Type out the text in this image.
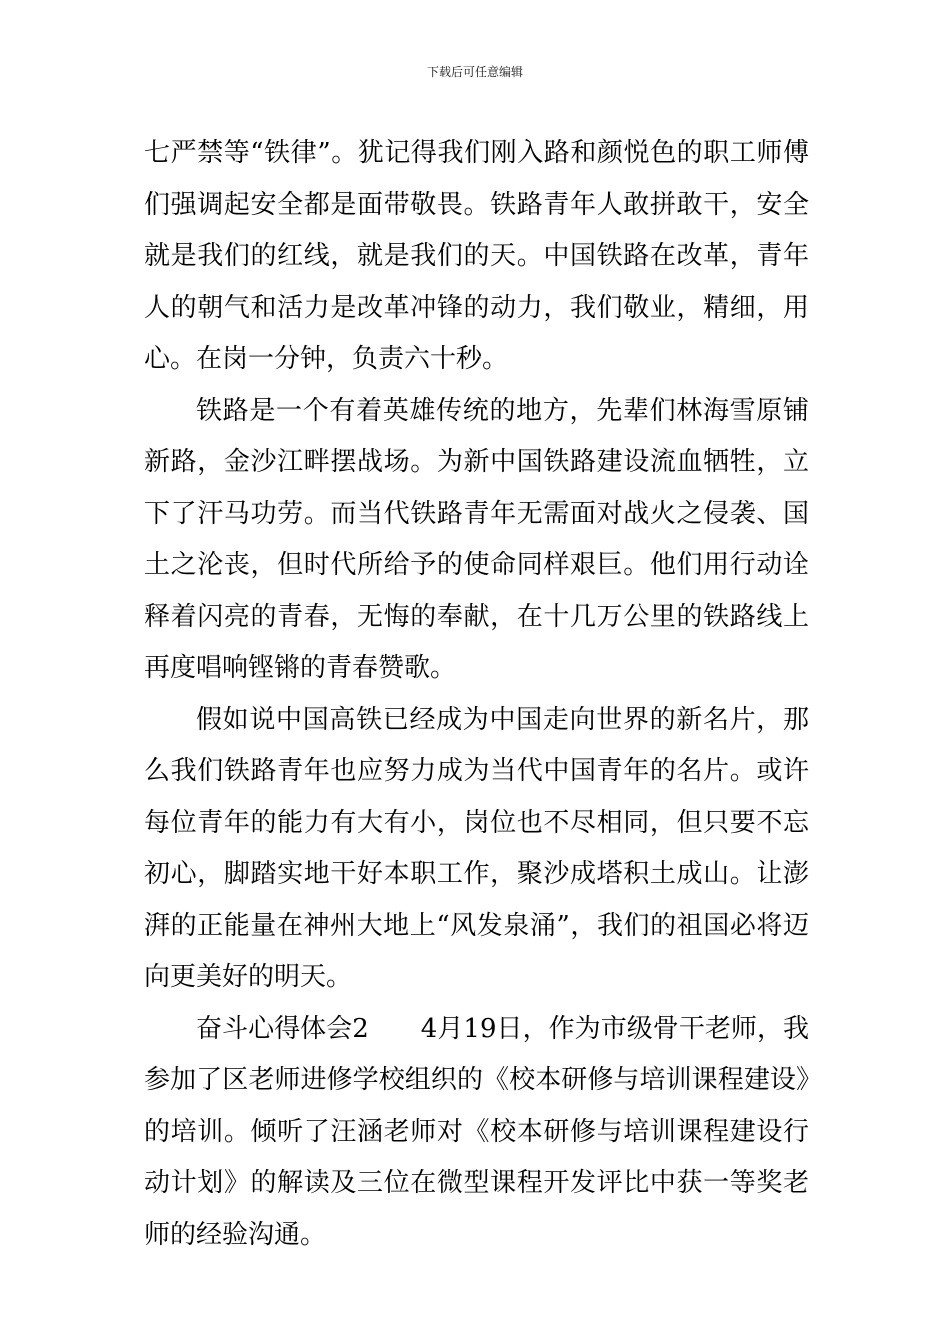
下载后可任意编辑

七严禁等“铁律”。犹记得我们刚入路和颜悦色的职工师傅们强调起安全都是面带敬畏。铁路青年人敢拼敢干，安全就是我们的红线，就是我们的天。中国铁路在改革，青年人的朝气和活力是改革冲锋的动力，我们敬业，精细，用心。在岗一分钟，负责六十秒。

铁路是一个有着英雄传统的地方，先辈们林海雪原铺新路，金沙江畔摆战场。为新中国铁路建设流血牺牲，立下了汗马功劳。而当代铁路青年无需面对战火之侵袭、国土之沦丧，但时代所给予的使命同样艰巨。他们用行动诠释着闪亮的青春，无悔的奉献，在十几万公里的铁路线上再度唱响铿锵的青春赞歌。

假如说中国高铁已经成为中国走向世界的新名片，那么我们铁路青年也应努力成为当代中国青年的名片。或许每位青年的能力有大有小，岗位也不尽相同，但只要不忘初心，脚踏实地干好本职工作，聚沙成塔积土成山。让澎湃的正能量在神州大地上“风发泉涌”，我们的祖国必将迈向更美好的明天。

奋斗心得体会2 4月19日，作为市级骨干老师，我参加了区老师进修学校组织的《校本研修与培训课程建设》的培训。倾听了汪涵老师对《校本研修与培训课程建设行动计划》的解读及三位在微型课程开发评比中获一等奖老师的经验沟通。
